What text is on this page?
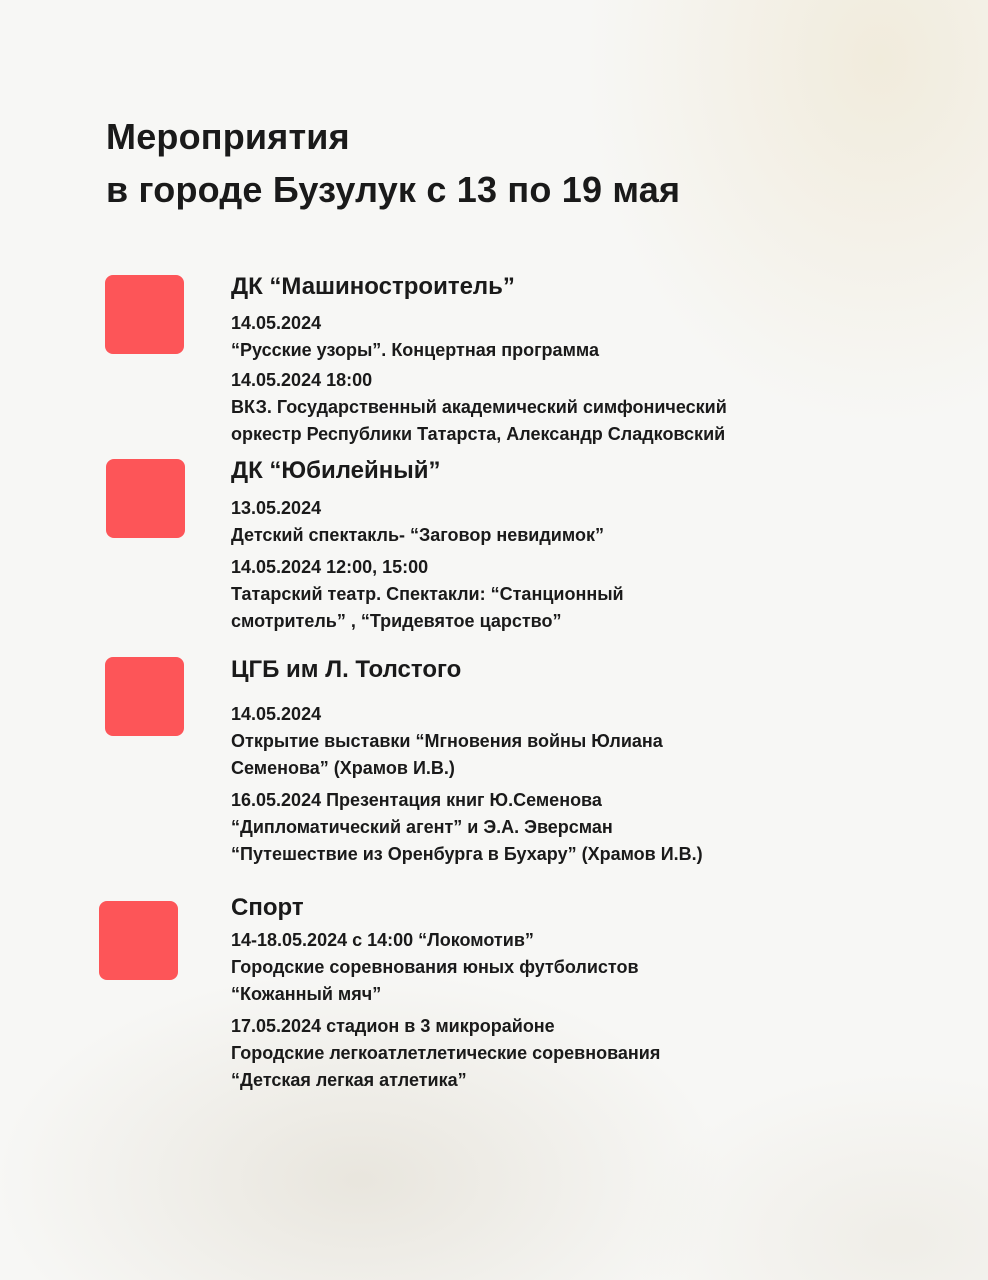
Мероприятия
в городе Бузулук с 13 по 19 мая
ДК “Машиностроитель”

14.05.2024
“Русские узоры”. Концертная программа

14.05.2024 18:00
ВКЗ. Государственный академический симфонический
оркестр Республики Татарста, Александр Сладковский

ДК “Юбилейный”

13.05.2024
Детский спектакль- “Заговор невидимок”

14.05.2024 12:00, 15:00
Татарский театр. Спектакли: “Станционный
смотритель” , “Тридевятое царство”

ЦГБ им Л. Толстого

14.05.2024
Открытие выставки “Мгновения войны Юлиана
Семенова” (Храмов И.В.)

16.05.2024 Презентация книг Ю.Семенова
“Дипломатический агент” и Э.А. Эверсман
“Путешествие из Оренбурга в Бухару” (Храмов И.В.)

Спорт

14-18.05.2024 с 14:00 “Локомотив”
Городские соревнования юных футболистов
“Кожанный мяч”

17.05.2024 стадион в 3 микрорайоне
Городские легкоатлетлетические соревнования
“Детская легкая атлетика”
